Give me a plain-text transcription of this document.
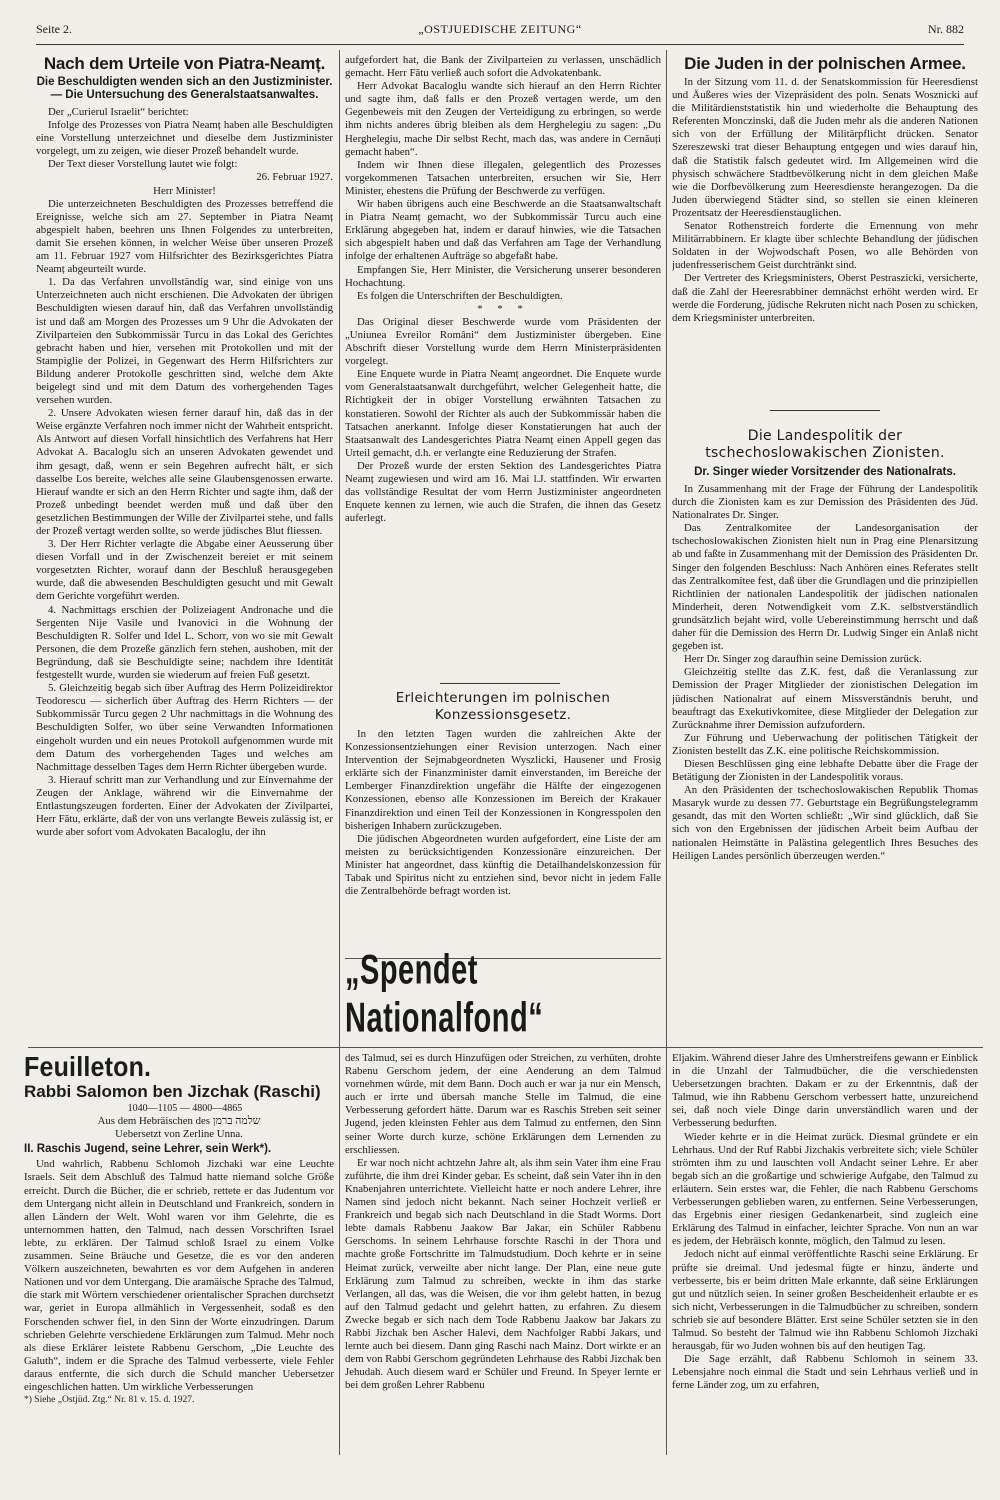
Seite 2.	„OSTJUEDISCHE ZEITUNG“	Nr. 882
Nach dem Urteile von Piatra-Neamț.
Die Beschuldigten wenden sich an den Justizminister. — Die Untersuchung des Generalstaatsanwaltes.

Der „Curierul Israelit“ berichtet:

Infolge des Prozesses von Piatra Neamț haben alle Beschuldigten eine Vorstellung unterzeichnet und dieselbe dem Justizminister vorgelegt, um zu zeigen, wie dieser Prozeß behandelt wurde.

Der Text dieser Vorstellung lautet wie folgt:

26. Februar 1927.

Herr Minister!

Die unterzeichneten Beschuldigten des Prozesses betreffend die Ereignisse, welche sich am 27. September in Piatra Neamț abgespielt haben, beehren uns Ihnen Folgendes zu unterbreiten, damit Sie ersehen können, in welcher Weise über unseren Prozeß am 11. Februar 1927 vom Hilfsrichter des Bezirksgerichtes Piatra Neamț abgeurteilt wurde.

1. Da das Verfahren unvollständig war, sind einige von uns Unterzeichneten auch nicht erschienen. Die Advokaten der übrigen Beschuldigten wiesen darauf hin, daß das Verfahren unvollständig ist und daß am Morgen des Prozesses um 9 Uhr die Advokaten der Zivilparteien den Subkommissär Turcu in das Lokal des Gerichtes gebracht haben und hier, versehen mit Protokollen und mit der Stampiglie der Polizei, in Gegenwart des Herrn Hilfsrichters zur Bildung anderer Protokolle geschritten sind, welche dem Akte beigelegt sind und mit dem Datum des vorhergehenden Tages versehen wurden.

2. Unsere Advokaten wiesen ferner darauf hin, daß das in der Weise ergänzte Verfahren noch immer nicht der Wahrheit entspricht. Als Antwort auf diesen Vorfall hinsichtlich des Verfahrens hat Herr Advokat A. Bacaloglu sich an unseren Advokaten gewendet und ihm gesagt, daß, wenn er sein Begehren aufrecht hält, er sich dasselbe Los bereite, welches alle seine Glaubensgenossen erwarte. Hierauf wandte er sich an den Herrn Richter und sagte ihm, daß der Prozeß unbedingt beendet werden muß und daß über den gesetzlichen Bestimmungen der Wille der Zivilpartei stehe, und falls der Prozeß vertagt werden sollte, so werde jüdisches Blut fliessen.

3. Der Herr Richter verlagte die Abgabe einer Aeusserung über diesen Vorfall und in der Zwischenzeit bereiet er mit seinem vorgesetzten Richter, worauf dann der Beschluß herausgegeben wurde, daß die abwesenden Beschuldigten gesucht und mit Gewalt dem Gerichte vorgeführt werden.

4. Nachmittags erschien der Polizeiagent Andronache und die Sergenten Nije Vasile und Ivanovici in die Wohnung der Beschuldigten R. Solfer und Idel L. Schorr, von wo sie mit Gewalt Personen, die dem Prozeße gänzlich fern stehen, aushoben, mit der Begründung, daß sie Beschuldigte seine; nachdem ihre Identität festgestellt wurde, wurden sie wiederum auf freien Fuß gesetzt.

5. Gleichzeitig begab sich über Auftrag des Herrn Polizeidirektor Teodorescu — sicherlich über Auftrag des Herrn Richters — der Subkommissär Turcu gegen 2 Uhr nachmittags in die Wohnung des Beschuldigten Solfer, wo über seine Verwandten Informationen eingeholt wurden und ein neues Protokoll aufgenommen wurde mit dem Datum des vorhergehenden Tages und welches am Nachmittage desselben Tages dem Herrn Richter übergeben wurde.

3. Hierauf schritt man zur Verhandlung und zur Einvernahme der Zeugen der Anklage, während wir die Einvernahme der Entlastungszeugen forderten. Einer der Advokaten der Zivilpartei, Herr Fătu, erklärte, daß der von uns verlangte Beweis zulässig ist, er wurde aber sofort vom Advokaten Bacaloglu, der ihn

aufgefordert hat, die Bank der Zivilparteien zu verlassen, unschädlich gemacht. Herr Fătu verließ auch sofort die Advokatenbank.

Herr Advokat Bacaloglu wandte sich hierauf an den Herrn Richter und sagte ihm, daß falls er den Prozeß vertagen werde, um den Gegenbeweis mit den Zeugen der Verteidigung zu erbringen, so werde ihm nichts anderes übrig bleiben als dem Herghelegiu zu sagen: „Du Herghelegiu, mache Dir selbst Recht, mach das, was andere in Cernăuți gemacht haben“.

Indem wir Ihnen diese illegalen, gelegentlich des Prozesses vorgekommenen Tatsachen unterbreiten, ersuchen wir Sie, Herr Minister, ehestens die Prüfung der Beschwerde zu verfügen.

Wir haben übrigens auch eine Beschwerde an die Staatsanwaltschaft in Piatra Neamț gemacht, wo der Subkommissär Turcu auch eine Erklärung abgegeben hat, indem er darauf hinwies, wie die Tatsachen sich abgespielt haben und daß das Verfahren am Tage der Verhandlung infolge der erhaltenen Aufträge so abgefaßt habe.

Empfangen Sie, Herr Minister, die Versicherung unserer besonderen Hochachtung.

Es folgen die Unterschriften der Beschuldigten.

* * *

Das Original dieser Beschwerde wurde vom Präsidenten der „Uniunea Evreilor Români“ dem Justizminister übergeben. Eine Abschrift dieser Vorstellung wurde dem Herrn Ministerpräsidenten vorgelegt.

Eine Enquete wurde in Piatra Neamț angeordnet. Die Enquete wurde vom Generalstaatsanwalt durchgeführt, welcher Gelegenheit hatte, die Richtigkeit der in obiger Vorstellung erwähnten Tatsachen zu konstatieren. Sowohl der Richter als auch der Subkommissär haben die Tatsachen anerkannt. Infolge dieser Konstatierungen hat auch der Staatsanwalt des Landesgerichtes Piatra Neamț einen Appell gegen das Urteil gemacht, d.h. er verlangte eine Reduzierung der Strafen.

Der Prozeß wurde der ersten Sektion des Landesgerichtes Piatra Neamț zugewiesen und wird am 16. Mai l.J. stattfinden. Wir erwarten das vollständige Resultat der vom Herrn Justizminister angeordneten Enquete kennen zu lernen, wie auch die Strafen, die ihnen das Gesetz auferlegt.

Erleichterungen im polnischen Konzessionsgesetz.

In den letzten Tagen wurden die zahlreichen Akte der Konzessionsentziehungen einer Revision unterzogen. Nach einer Intervention der Sejmabgeordneten Wyszlicki, Hausener und Frosig erklärte sich der Finanzminister damit einverstanden, im Bereiche der Lemberger Finanzdirektion ungefähr die Hälfte der eingezogenen Konzessionen, ebenso alle Konzessionen im Bereich der Krakauer Finanzdirektion und einen Teil der Konzessionen in Kongresspolen den bisherigen Inhabern zurückzugeben.

Die jüdischen Abgeordneten wurden aufgefordert, eine Liste der am meisten zu berücksichtigenden Konzessionäre einzureichen. Der Minister hat angeordnet, dass künftig die Detailhandelskonzession für Tabak und Spiritus nicht zu entziehen sind, bevor nicht in jedem Falle die Zentralbehörde befragt worden ist.

„Spendet Nationalfond“
Die Juden in der polnischen Armee.

In der Sitzung vom 11. d. der Senatskommission für Heeresdienst und Äußeres wies der Vizepräsident des poln. Senats Wosznicki auf die Militärdienststatistik hin und wiederholte die Behauptung des Referenten Monczinski, daß die Juden mehr als die anderen Nationen sich von der Erfüllung der Militärpflicht drücken. Senator Szereszewski trat dieser Behauptung entgegen und wies darauf hin, daß die Statistik falsch gedeutet wird. Im Allgemeinen wird die physisch schwächere Stadtbevölkerung nicht in dem gleichen Maße wie die Dorfbevölkerung zum Heeresdienste herangezogen. Da die Juden überwiegend Städter sind, so stellen sie einen kleineren Prozentsatz der Heeresdienstauglichen.

Senator Rothenstreich forderte die Ernennung von mehr Militärrabbinern. Er klagte über schlechte Behandlung der jüdischen Soldaten in der Wojwodschaft Posen, wo alle Behörden von judenfresserischem Geist durchtränkt sind.

Der Vertreter des Kriegsministers, Oberst Pestraszicki, versicherte, daß die Zahl der Heeresrabbiner demnächst erhöht werden wird. Er werde die Forderung, jüdische Rekruten nicht nach Posen zu schicken, dem Kriegsminister unterbreiten.

Die Landespolitik der tschechoslowakischen Zionisten.
Dr. Singer wieder Vorsitzender des Nationalrats.

In Zusammenhang mit der Frage der Führung der Landespolitik durch die Zionisten kam es zur Demission des Präsidenten des Jüd. Nationalrates Dr. Singer.

Das Zentralkomitee der Landesorganisation der tschechoslowakischen Zionisten hielt nun in Prag eine Plenarsitzung ab und faßte in Zusammenhang mit der Demission des Präsidenten Dr. Singer den folgenden Beschluss: Nach Anhören eines Referates stellt das Zentralkomitee fest, daß über die Grundlagen und die prinzipiellen Richtlinien der nationalen Landespolitik der jüdischen nationalen Minderheit, deren Notwendigkeit vom Z.K. selbstverständlich grundsätzlich bejaht wird, volle Uebereinstimmung herrscht und daß daher für die Demission des Herrn Dr. Ludwig Singer ein Anlaß nicht gegeben ist.

Herr Dr. Singer zog daraufhin seine Demission zurück.

Gleichzeitig stellte das Z.K. fest, daß die Veranlassung zur Demission der Prager Mitglieder der zionistischen Delegation im jüdischen Nationalrat auf einem Missverständnis beruht, und beauftragt das Exekutivkomitee, diese Mitglieder der Delegation zur Zurücknahme ihrer Demission aufzufordern.

Zur Führung und Ueberwachung der politischen Tätigkeit der Zionisten bestellt das Z.K. eine politische Reichskommission.

Diesen Beschlüssen ging eine lebhafte Debatte über die Frage der Betätigung der Zionisten in der Landespolitik voraus.

An den Präsidenten der tschechoslowakischen Republik Thomas Masaryk wurde zu dessen 77. Geburtstage ein Begrüßungstelegramm gesandt, das mit den Worten schließt: „Wir sind glücklich, daß Sie sich von den Ergebnissen der jüdischen Arbeit beim Aufbau der nationalen Heimstätte in Palästina gelegentlich Ihres Besuches des Heiligen Landes persönlich überzeugen werden.“

Feuilleton.
Rabbi Salomon ben Jizchak (Raschi)

1040—1105 — 4800—4865

Aus dem Hebräischen des שלמה ברמן

Uebersetzt von Zerline Unna.

II. Raschis Jugend, seine Lehrer, sein Werk*).

Und wahrlich, Rabbenu Schlomoh Jizchaki war eine Leuchte Israels. Seit dem Abschluß des Talmud hatte niemand solche Größe erreicht. Durch die Bücher, die er schrieb, rettete er das Judentum vor dem Untergang nicht allein in Deutschland und Frankreich, sondern in allen Ländern der Welt. Wohl waren vor ihm Gelehrte, die es unternommen hatten, den Talmud, nach dessen Vorschriften Israel lebte, zu erklären. Der Talmud schloß Israel zu einem Volke zusammen. Seine Bräuche und Gesetze, die es vor den anderen Völkern auszeichneten, bewahrten es vor dem Aufgehen in anderen Nationen und vor dem Untergang. Die aramäische Sprache des Talmud, die stark mit Wörtern verschiedener orientalischer Sprachen durchsetzt war, geriet in Europa allmählich in Vergessenheit, sodaß es den Forschenden schwer fiel, in den Sinn der Worte einzudringen. Darum schrieben Gelehrte verschiedene Erklärungen zum Talmud. Mehr noch als diese Erklärer leistete Rabbenu Gerschom, „Die Leuchte des Galuth“, indem er die Sprache des Talmud verbesserte, viele Fehler daraus entfernte, die sich durch die Schuld mancher Uebersetzer eingeschlichen hatten. Um wirkliche Verbesserungen

*) Siehe „Ostjüd. Ztg.“ Nr. 81 v. 15. d. 1927.

des Talmud, sei es durch Hinzufügen oder Streichen, zu verhüten, drohte Rabenu Gerschom jedem, der eine Aenderung an dem Talmud vornehmen würde, mit dem Bann. Doch auch er war ja nur ein Mensch, auch er irrte und übersah manche Stelle im Talmud, die eine Verbesserung gefordert hätte. Darum war es Raschis Streben seit seiner Jugend, jeden kleinsten Fehler aus dem Talmud zu entfernen, den Sinn seiner Worte durch kurze, schöne Erklärungen dem Lernenden zu erschliessen.

Er war noch nicht achtzehn Jahre alt, als ihm sein Vater ihm eine Frau zuführte, die ihm drei Kinder gebar. Es scheint, daß sein Vater ihn in den Knabenjahren unterrichtete. Vielleicht hatte er noch andere Lehrer, ihre Namen sind jedoch nicht bekannt. Nach seiner Hochzeit verließ er Frankreich und begab sich nach Deutschland in die Stadt Worms. Dort lebte damals Rabbenu Jaakow Bar Jakar, ein Schüler Rabbenu Gerschoms. In seinem Lehrhause forschte Raschi in der Thora und machte große Fortschritte im Talmudstudium. Doch kehrte er in seine Heimat zurück, verweilte aber nicht lange. Der Plan, eine neue gute Erklärung zum Talmud zu schreiben, weckte in ihm das starke Verlangen, all das, was die Weisen, die vor ihm gelebt hatten, in bezug auf den Talmud gedacht und gelehrt hatten, zu erfahren. Zu diesem Zwecke begab er sich nach dem Tode Rabbenu Jaakow bar Jakars zu Rabbi Jizchak ben Ascher Halevi, dem Nachfolger Rabbi Jakars, und lernte auch bei diesem. Dann ging Raschi nach Mainz. Dort wirkte er an dem von Rabbi Gerschom gegründeten Lehrhause des Rabbi Jizchak ben Jehudah. Auch diesem ward er Schüler und Freund. In Speyer lernte er bei dem großen Lehrer Rabbenu

Eljakim. Während dieser Jahre des Umherstreifens gewann er Einblick in die Unzahl der Talmudbücher, die die verschiedensten Uebersetzungen brachten. Dakam er zu der Erkenntnis, daß der Talmud, wie ihn Rabbenu Gerschom verbessert hatte, unzureichend sei, daß noch viele Dinge darin unverständlich waren und der Verbesserung bedurften.

Wieder kehrte er in die Heimat zurück. Diesmal gründete er ein Lehrhaus. Und der Ruf Rabbi Jizchakis verbreitete sich; viele Schüler strömten ihm zu und lauschten voll Andacht seiner Lehre. Er aber begab sich an die großartige und schwierige Aufgabe, den Talmud zu erläutern. Sein erstes war, die Fehler, die nach Rabbenu Gerschoms Verbesserungen geblieben waren, zu entfernen. Seine Verbesserungen, das Ergebnis einer riesigen Gedankenarbeit, sind zugleich eine Erklärung des Talmud in einfacher, leichter Sprache. Von nun an war es jedem, der Hebräisch konnte, möglich, den Talmud zu lesen.

Jedoch nicht auf einmal veröffentlichte Raschi seine Erklärung. Er prüfte sie dreimal. Und jedesmal fügte er hinzu, änderte und verbesserte, bis er beim dritten Male erkannte, daß seine Erklärungen gut und nützlich seien. In seiner großen Bescheidenheit erlaubte er es sich nicht, Verbesserungen in die Talmudbücher zu schreiben, sondern schrieb sie auf besondere Blätter. Erst seine Schüler setzten sie in den Talmud. So besteht der Talmud wie ihn Rabbenu Schlomoh Jizchaki herausgab, für wo Juden wohnen bis auf den heutigen Tag.

Die Sage erzählt, daß Rabbenu Schlomoh in seinem 33. Lebensjahre noch einmal die Stadt und sein Lehrhaus verließ und in ferne Länder zog, um zu erfahren,
